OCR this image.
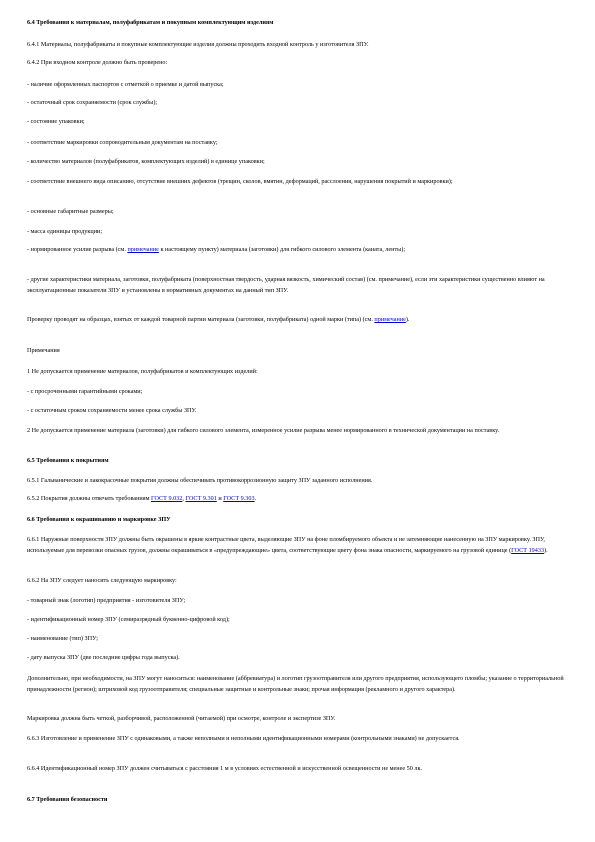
6.4 Требования к материалам, полуфабрикатам и покупным комплектующим изделиям
6.4.1 Материалы, полуфабрикаты и покупные комплектующие изделия должны проходить входной контроль у изготовителя ЗПУ.
6.4.2 При входном контроле должно быть проверено:
- наличие оформленных паспортов с отметкой о приемке и датой выпуска;
- остаточный срок сохраняемости (срок службы);
- состояние упаковки;
- соответствие маркировки сопроводительным документам на поставку;
- количество материалов (полуфабрикатов, комплектующих изделий) в единице упаковки;
- соответствие внешнего вида описанию, отсутствие внешних дефектов (трещин, сколов, вмятин, деформаций, расслоения, нарушения покрытий и маркировки);
- основные габаритные размеры;
- масса единицы продукции;
- нормированное усилие разрыва (см. примечание к настоящему пункту) материала (заготовки) для гибкого силового элемента (каната, ленты);
- другие характеристики материала, заготовки, полуфабриката (поверхностная твердость, ударная вязкость, химический состав) (см. примечание), если эти характеристики существенно влияют на эксплуатационные показатели ЗПУ и установлены в нормативных документах на данный тип ЗПУ.
Проверку проводят на образцах, взятых от каждой товарной партии материала (заготовки, полуфабриката) одной марки (типа) (см. примечание).
Примечания
1 Не допускается применение материалов, полуфабрикатов и комплектующих изделий:
- с просроченными гарантийными сроками;
- с остаточным сроком сохраняемости менее срока службы ЗПУ.
2 Не допускается применение материала (заготовки) для гибкого силового элемента, измеренное усилие разрыва менее нормированного в технической документации на поставку.
6.5 Требования к покрытиям
6.5.1 Гальванические и лакокрасочные покрытия должны обеспечивать противокоррозионную защиту ЗПУ заданного исполнения.
6.5.2 Покрытия должны отвечать требованиям ГОСТ 9.032, ГОСТ 9.301 и ГОСТ 9.303.
6.6 Требования к окрашиванию и маркировке ЗПУ
6.6.1 Наружные поверхности ЗПУ должны быть окрашены в яркие контрастные цвета, выделяющие ЗПУ на фоне пломбируемого объекта и не затемняющие нанесенную на ЗПУ маркировку. ЗПУ, используемые для перевозки опасных грузов, должны окрашиваться в «предупреждающие» цвета, соответствующие цвету фона знака опасности, маркируемого на грузовой единице (ГОСТ 19433).
6.6.2 На ЗПУ следует наносить следующую маркировку:
- товарный знак (логотип) предприятия - изготовителя ЗПУ;
- идентификационный номер ЗПУ (семиразрядный буквенно-цифровой код);
- наименование (тип) ЗПУ;
- дату выпуска ЗПУ (две последние цифры года выпуска).
Дополнительно, при необходимости, на ЗПУ могут наноситься: наименование (аббревиатура) и логотип грузоотправителя или другого предприятия, использующего пломбы; указание о территориальной принадлежности (регион); штриховой код грузоотправителя; специальные защитные и контрольные знаки; прочая информация (рекламного и другого характера).
Маркировка должна быть четкой, разборчивой, расположенной (читаемой) при осмотре, контроле и экспертизе ЗПУ.
6.6.3 Изготовление и применение ЗПУ с одинаковыми, а также неполными и неполными идентификационными номерами (контрольными знаками) не допускается.
6.6.4 Идентификационный номер ЗПУ должен считываться с расстояния 1 м в условиях естественной и искусственной освещенности не менее 50 лк.
6.7 Требования безопасности
